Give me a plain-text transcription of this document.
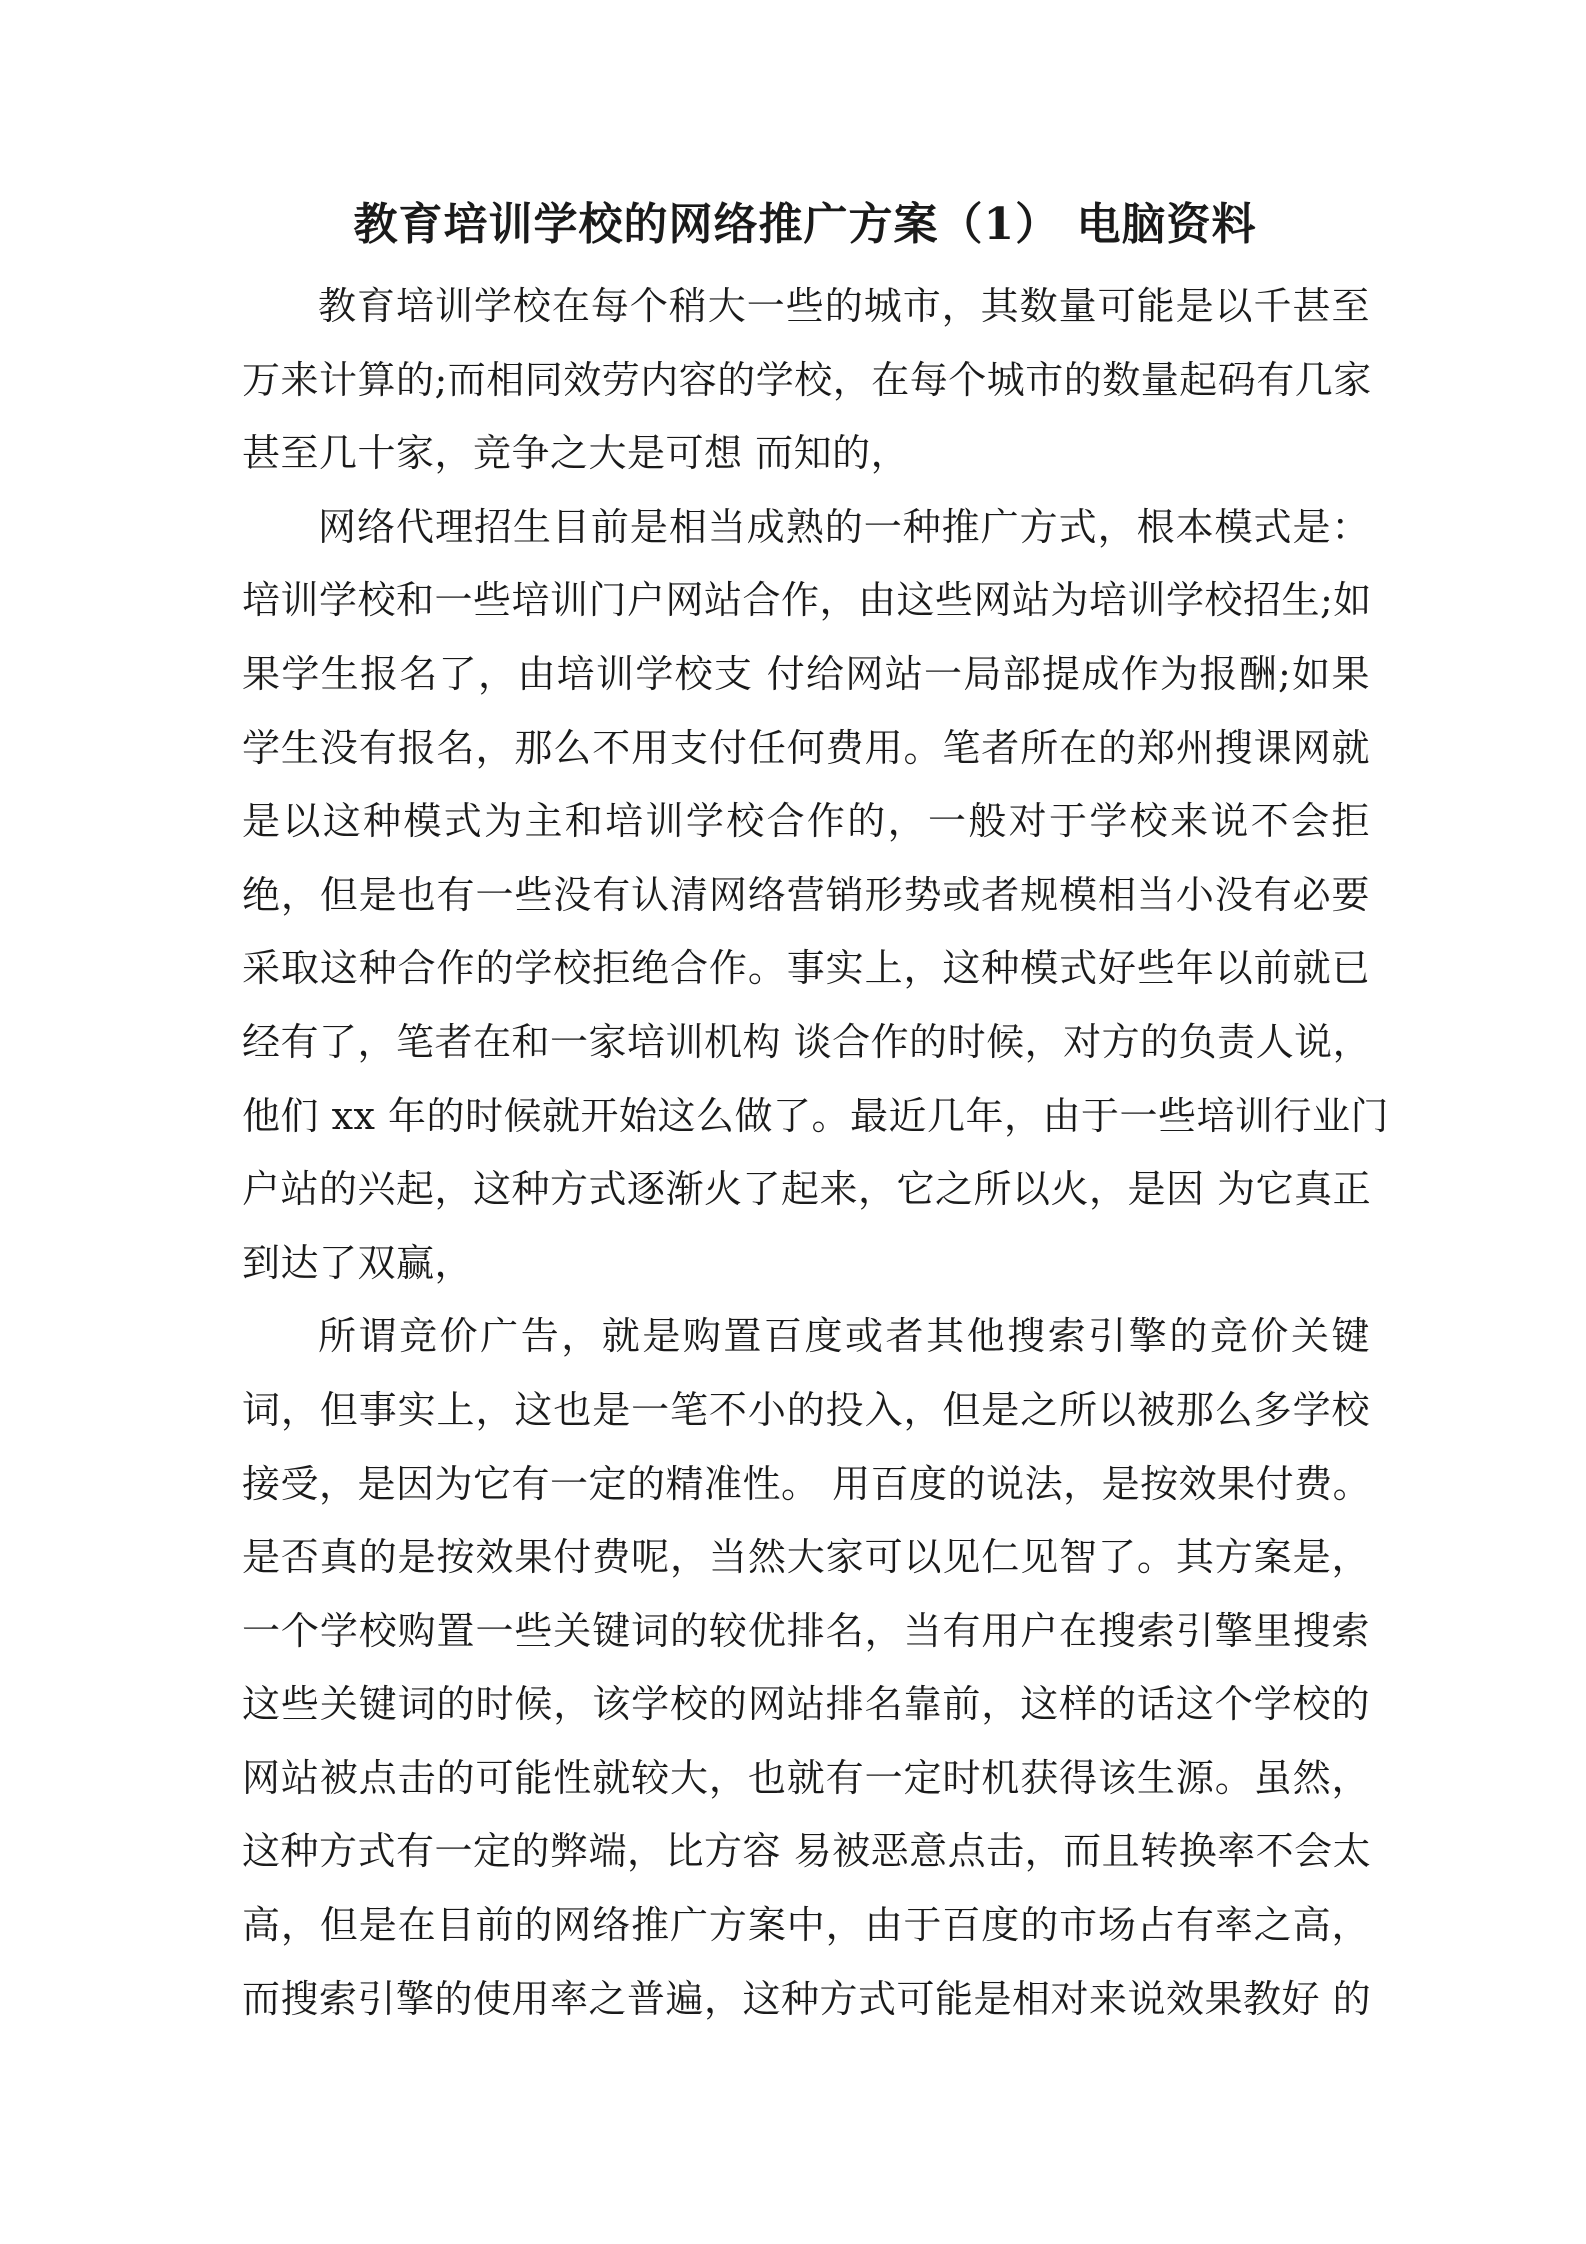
教育培训学校的网络推广方案（1） 电脑资料
教育培训学校在每个稍大一些的城市，其数量可能是以千甚至
万来计算的;而相同效劳内容的学校，在每个城市的数量起码有几家
甚至几十家，竞争之大是可想 而知的，
网络代理招生目前是相当成熟的一种推广方式，根本模式是：
培训学校和一些培训门户网站合作，由这些网站为培训学校招生;如
果学生报名了，由培训学校支 付给网站一局部提成作为报酬;如果
学生没有报名，那么不用支付任何费用。笔者所在的郑州搜课网就
是以这种模式为主和培训学校合作的，一般对于学校来说不会拒
绝，但是也有一些没有认清网络营销形势或者规模相当小没有必要
采取这种合作的学校拒绝合作。事实上，这种模式好些年以前就已
经有了，笔者在和一家培训机构 谈合作的时候，对方的负责人说，
他们 xx 年的时候就开始这么做了。最近几年，由于一些培训行业门
户站的兴起，这种方式逐渐火了起来，它之所以火，是因 为它真正
到达了双赢，
所谓竞价广告，就是购置百度或者其他搜索引擎的竞价关键
词，但事实上，这也是一笔不小的投入，但是之所以被那么多学校
接受，是因为它有一定的精准性。 用百度的说法，是按效果付费。
是否真的是按效果付费呢，当然大家可以见仁见智了。其方案是，
一个学校购置一些关键词的较优排名，当有用户在搜索引擎里搜索
这些关键词的时候，该学校的网站排名靠前，这样的话这个学校的
网站被点击的可能性就较大，也就有一定时机获得该生源。虽然，
这种方式有一定的弊端，比方容 易被恶意点击，而且转换率不会太
高，但是在目前的网络推广方案中，由于百度的市场占有率之高，
而搜索引擎的使用率之普遍，这种方式可能是相对来说效果教好 的
